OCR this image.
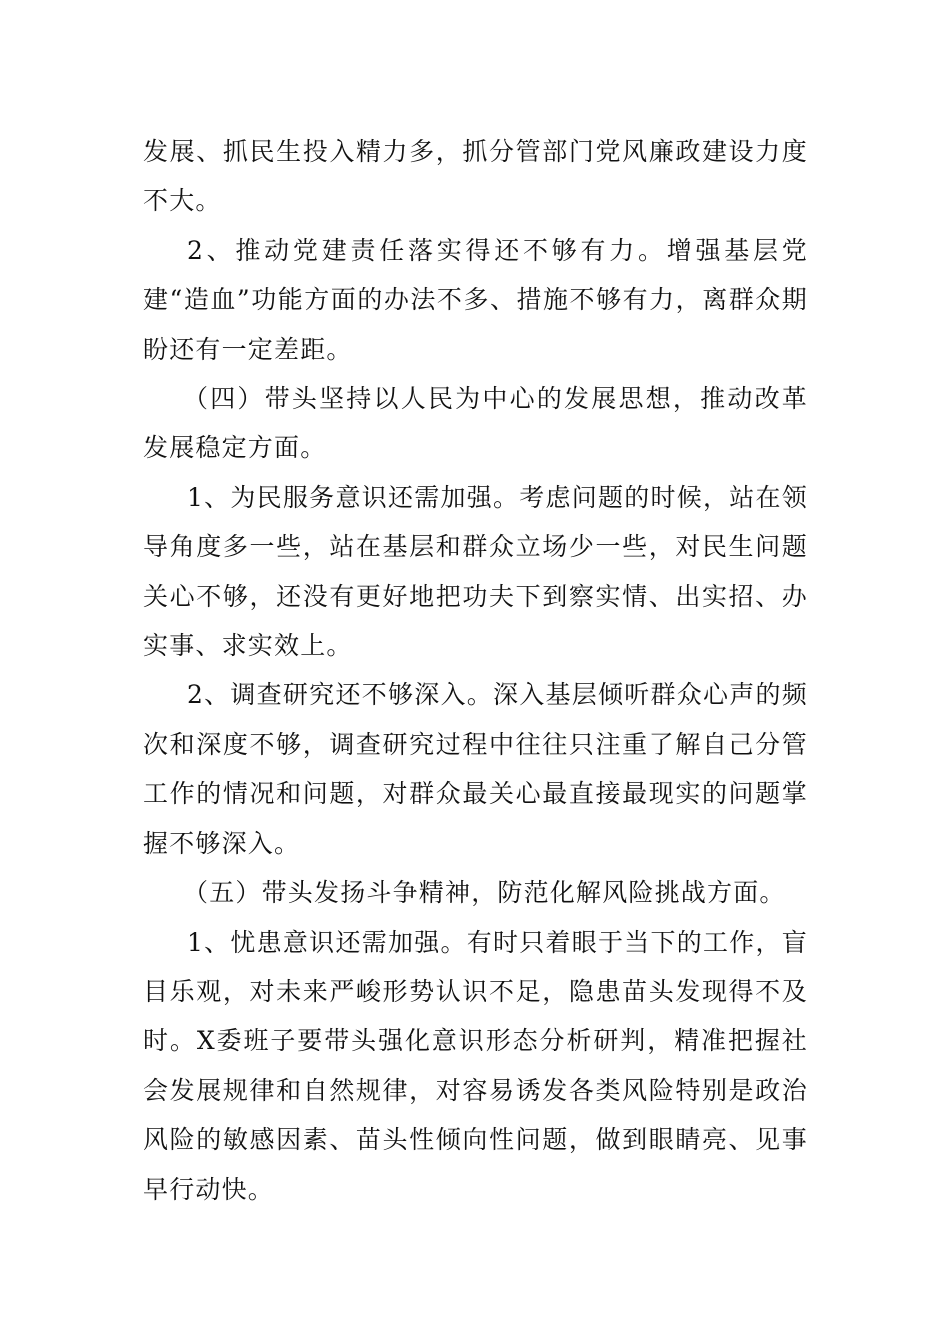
发展、抓民生投入精力多，抓分管部门党风廉政建设力度不大。

2、推动党建责任落实得还不够有力。增强基层党建“造血”功能方面的办法不多、措施不够有力，离群众期盼还有一定差距。

（四）带头坚持以人民为中心的发展思想，推动改革发展稳定方面。

1、为民服务意识还需加强。考虑问题的时候，站在领导角度多一些，站在基层和群众立场少一些，对民生问题关心不够，还没有更好地把功夫下到察实情、出实招、办实事、求实效上。

2、调查研究还不够深入。深入基层倾听群众心声的频次和深度不够，调查研究过程中往往只注重了解自己分管工作的情况和问题，对群众最关心最直接最现实的问题掌握不够深入。

（五）带头发扬斗争精神，防范化解风险挑战方面。

1、忧患意识还需加强。有时只着眼于当下的工作，盲目乐观，对未来严峻形势认识不足，隐患苗头发现得不及时。X委班子要带头强化意识形态分析研判，精准把握社会发展规律和自然规律，对容易诱发各类风险特别是政治风险的敏感因素、苗头性倾向性问题，做到眼睛亮、见事早行动快。
